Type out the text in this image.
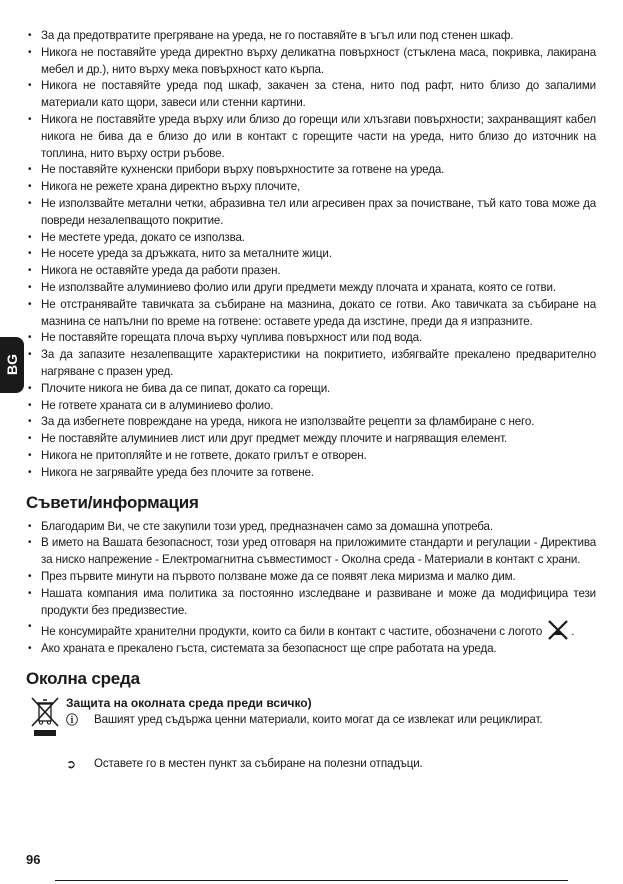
BG
• За да предотвратите прегряване на уреда, не го поставяйте в ъгъл или под стенен шкаф.
• Никога не поставяйте уреда директно върху деликатна повърхност (стъклена маса, покривка, лакирана мебел и др.), нито върху мека повърхност като кърпа.
• Никога не поставяйте уреда под шкаф, закачен за стена, нито под рафт, нито близо до запалими материали като щори, завеси или стенни картини.
• Никога не поставяйте уреда върху или близо до горещи или хлъзгави повърхности; захранващият кабел никога не бива да е близо до или в контакт с горещите части на уреда, нито близо до източник на топлина, нито върху остри ръбове.
• Не поставяйте кухненски прибори върху повърхностите за готвене на уреда.
• Никога не режете храна директно върху плочите,
• Не използвайте метални четки, абразивна тел или агресивен прах за почистване, тъй като това може да повреди незалепващото покритие.
• Не местете уреда, докато се използва.
• Не носете уреда за дръжката, нито за металните жици.
• Никога не оставяйте уреда да работи празен.
• Не използвайте алуминиево фолио или други предмети между плочата и храната, която се готви.
• Не отстранявайте тавичката за събиране на мазнина, докато се готви. Ако тавичката за събиране на мазнина се напълни по време на готвене: оставете уреда да изстине, преди да я изпразните.
• Не поставяйте горещата плоча върху чуплива повърхност или под вода.
• За да запазите незалепващите характеристики на покритието, избягвайте прекалено предварително нагряване с празен уред.
• Плочите никога не бива да се пипат, докато са горещи.
• Не гответе храната си в алуминиево фолио.
• За да избегнете повреждане на уреда, никога не използвайте рецепти за фламбиране с него.
• Не поставяйте алуминиев лист или друг предмет между плочите и нагряващия елемент.
• Никога не притопляйте и не гответе, докато грилът е отворен.
• Никога не загрявайте уреда без плочите за готвене.
Съвети/информация
• Благодарим Ви, че сте закупили този уред, предназначен само за домашна употреба.
• В името на Вашата безопасност, този уред отговаря на приложимите стандарти и регулации - Директива за ниско напрежение - Електромагнитна съвместимост - Околна среда - Материали в контакт с храни.
• През първите минути на първото ползване може да се появят лека миризма и малко дим.
• Нашата компания има политика за постоянно изследване и развиване и може да модифицира тези продукти без предизвестие.
• Не консумирайте хранителни продукти, които са били в контакт с частите, обозначени с логото	.
• Ако храната е прекалено гъста, системата за безопасност ще спре работата на уреда.
Околна среда
Защита на околната среда преди всичко)
ⓘ	Вашият уред съдържа ценни материали, които могат да се извлекат или рециклират.
➲	Оставете го в местен пункт за събиране на полезни отпадъци.
96
